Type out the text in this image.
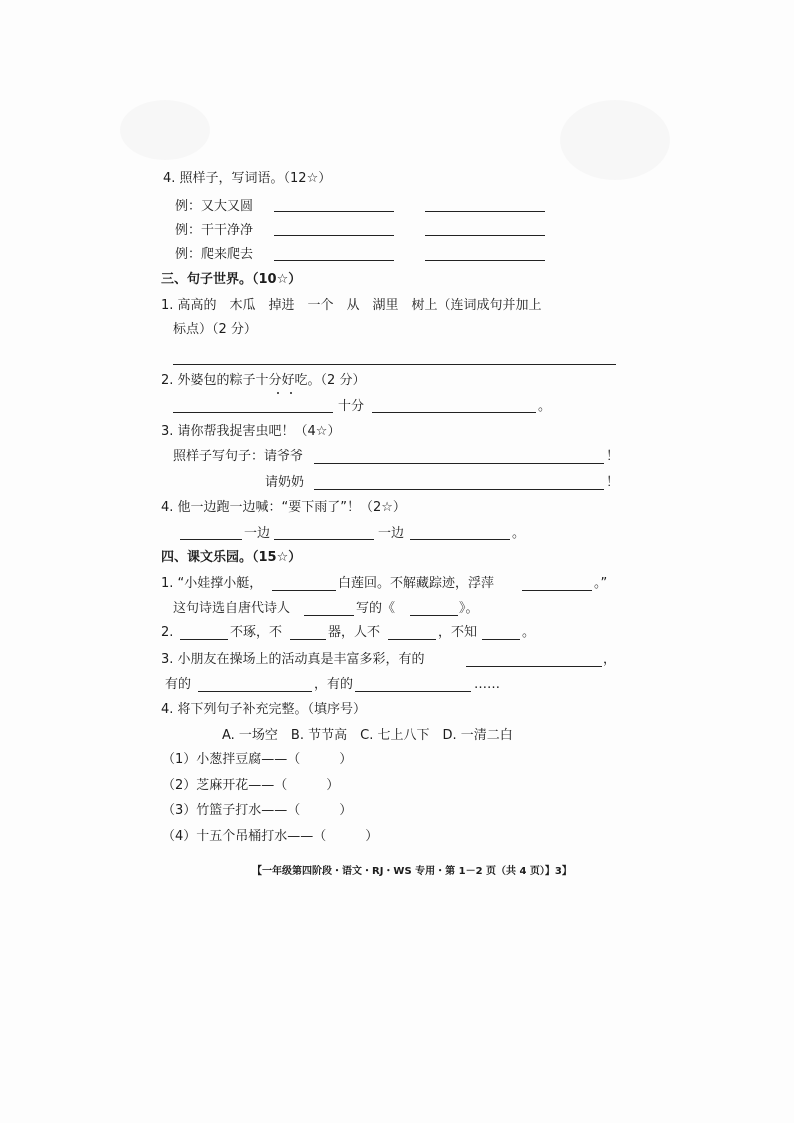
4. 照样子，写词语。（12☆）
例：又大又圆
例：干干净净
例：爬来爬去
三、句子世界。（10☆）
1. 高高的　木瓜　掉进　一个　从　湖里　树上（连词成句并加上
标点）（2 分）
2. 外婆包的粽子十分好吃。（2 分）
十分	。
3. 请你帮我捉害虫吧！（4☆）
照样子写句子：请爷爷	！
请奶奶	！
4. 他一边跑一边喊：“要下雨了”！（2☆）
一边	一边	。
四、课文乐园。（15☆）
1. “小娃撑小艇，	白莲回。不解藏踪迹，浮萍	。”
这句诗选自唐代诗人	写的《	》。
2.	不琢，不	器，人不	，不知	。
3. 小朋友在操场上的活动真是丰富多彩，有的	，
有的	，有的	……
4. 将下列句子补充完整。（填序号）
A. 一场空　B. 节节高　C. 七上八下　D. 一清二白
（1）小葱拌豆腐——（　　　）
（2）芝麻开花——（　　　）
（3）竹篮子打水——（　　　）
（4）十五个吊桶打水——（　　　）
【一年级第四阶段・语文・RJ・WS 专用・第 1－2 页（共 4 页）】3】
